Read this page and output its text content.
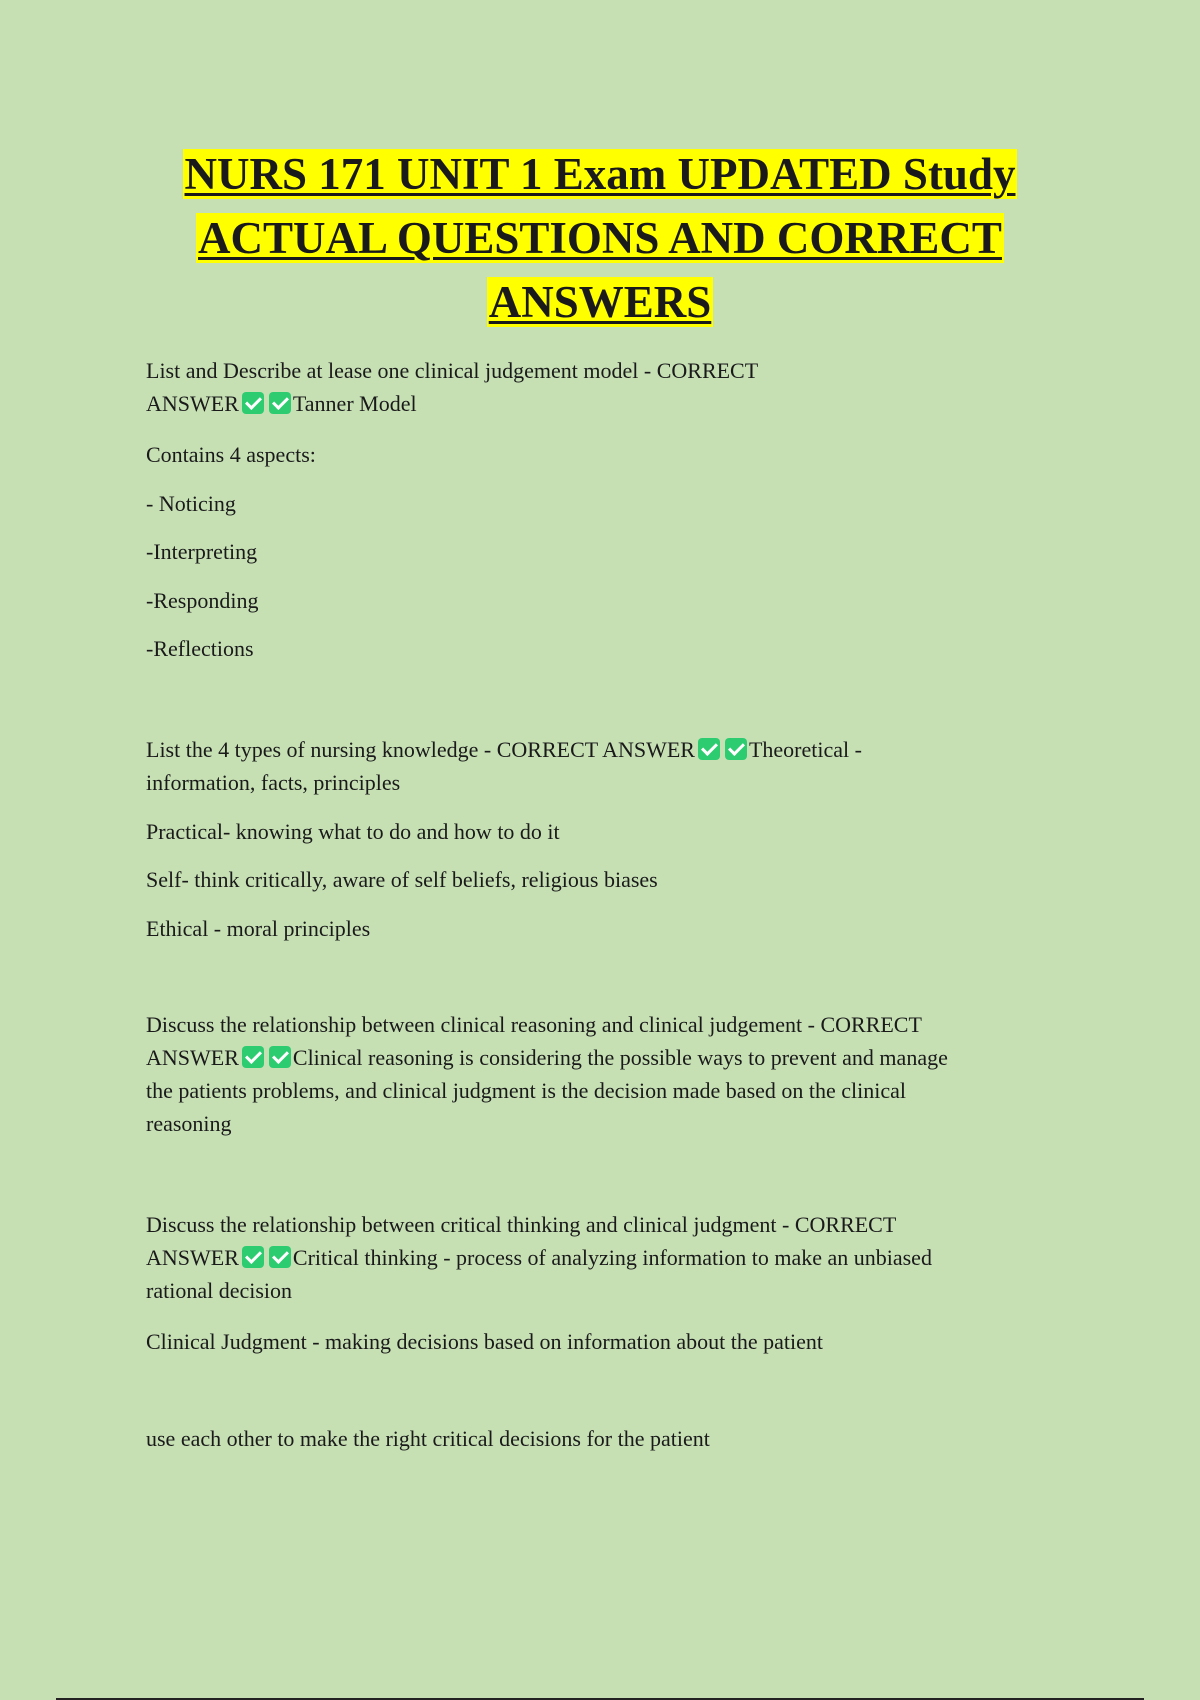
NURS 171 UNIT 1 Exam UPDATED Study
ACTUAL QUESTIONS AND CORRECT
ANSWERS

List and Describe at lease one clinical judgement model - CORRECT
ANSWER Tanner Model

Contains 4 aspects:

- Noticing

-Interpreting

-Responding

-Reflections

List the 4 types of nursing knowledge - CORRECT ANSWER Theoretical -
information, facts, principles

Practical- knowing what to do and how to do it

Self- think critically, aware of self beliefs, religious biases

Ethical - moral principles

Discuss the relationship between clinical reasoning and clinical judgement - CORRECT
ANSWER Clinical reasoning is considering the possible ways to prevent and manage
the patients problems, and clinical judgment is the decision made based on the clinical
reasoning

Discuss the relationship between critical thinking and clinical judgment - CORRECT
ANSWER Critical thinking - process of analyzing information to make an unbiased
rational decision

Clinical Judgment - making decisions based on information about the patient

use each other to make the right critical decisions for the patient
